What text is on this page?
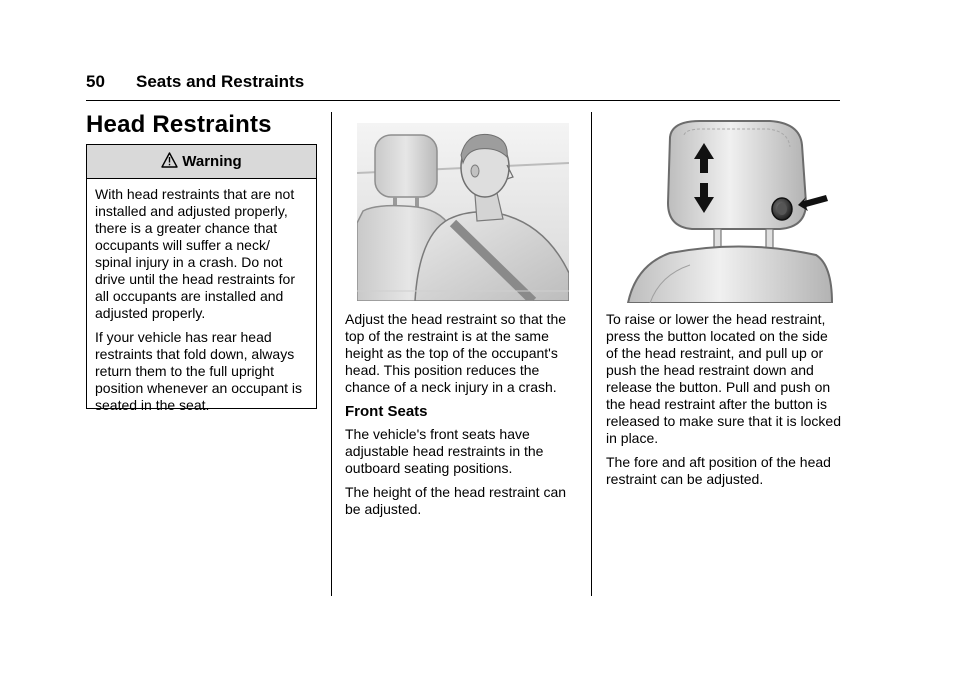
50 Seats and Restraints
Head Restraints
Warning

With head restraints that are not installed and adjusted properly, there is a greater chance that occupants will suffer a neck/ spinal injury in a crash. Do not drive until the head restraints for all occupants are installed and adjusted properly.

If your vehicle has rear head restraints that fold down, always return them to the full upright position whenever an occupant is seated in the seat.

Adjust the head restraint so that the top of the restraint is at the same height as the top of the occupant's head. This position reduces the chance of a neck injury in a crash.

Front Seats

The vehicle's front seats have adjustable head restraints in the outboard seating positions.

The height of the head restraint can be adjusted.

To raise or lower the head restraint, press the button located on the side of the head restraint, and pull up or push the head restraint down and release the button. Pull and push on the head restraint after the button is released to make sure that it is locked in place.

The fore and aft position of the head restraint can be adjusted.
